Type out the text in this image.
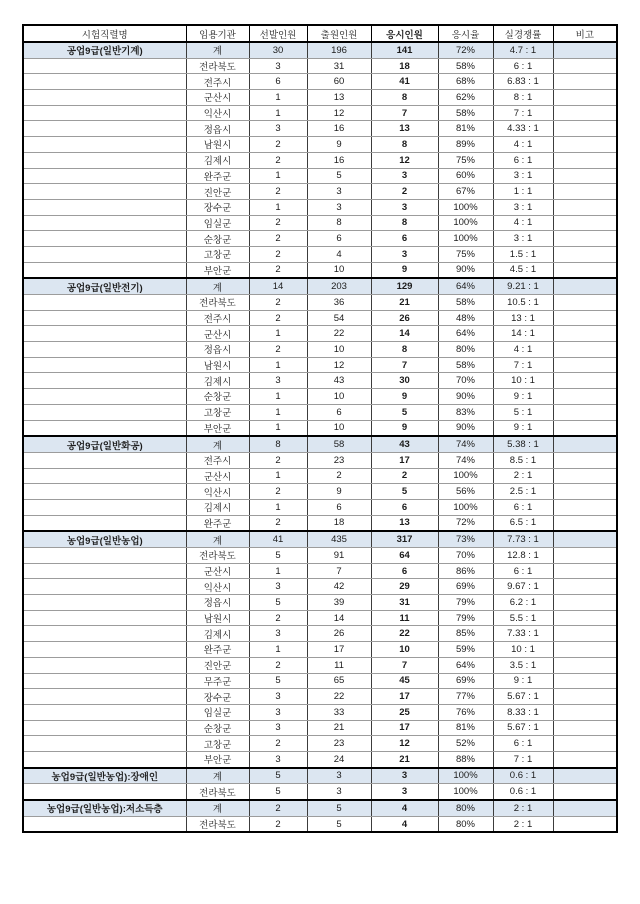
시험직렬명	임용기관	선발인원	출원인원	응시인원	응시율	실경쟁률	비고
공업9급(일반기계)	계	30	196	141	72%	4.7 : 1	
	전라북도	3	31	18	58%	6 : 1	
	전주시	6	60	41	68%	6.83 : 1	
	군산시	1	13	8	62%	8 : 1	
	익산시	1	12	7	58%	7 : 1	
	정읍시	3	16	13	81%	4.33 : 1	
	남원시	2	9	8	89%	4 : 1	
	김제시	2	16	12	75%	6 : 1	
	완주군	1	5	3	60%	3 : 1	
	진안군	2	3	2	67%	1 : 1	
	장수군	1	3	3	100%	3 : 1	
	임실군	2	8	8	100%	4 : 1	
	순창군	2	6	6	100%	3 : 1	
	고창군	2	4	3	75%	1.5 : 1	
	부안군	2	10	9	90%	4.5 : 1	
공업9급(일반전기)	계	14	203	129	64%	9.21 : 1	
	전라북도	2	36	21	58%	10.5 : 1	
	전주시	2	54	26	48%	13 : 1	
	군산시	1	22	14	64%	14 : 1	
	정읍시	2	10	8	80%	4 : 1	
	남원시	1	12	7	58%	7 : 1	
	김제시	3	43	30	70%	10 : 1	
	순창군	1	10	9	90%	9 : 1	
	고창군	1	6	5	83%	5 : 1	
	부안군	1	10	9	90%	9 : 1	
공업9급(일반화공)	계	8	58	43	74%	5.38 : 1	
	전주시	2	23	17	74%	8.5 : 1	
	군산시	1	2	2	100%	2 : 1	
	익산시	2	9	5	56%	2.5 : 1	
	김제시	1	6	6	100%	6 : 1	
	완주군	2	18	13	72%	6.5 : 1	
농업9급(일반농업)	계	41	435	317	73%	7.73 : 1	
	전라북도	5	91	64	70%	12.8 : 1	
	군산시	1	7	6	86%	6 : 1	
	익산시	3	42	29	69%	9.67 : 1	
	정읍시	5	39	31	79%	6.2 : 1	
	남원시	2	14	11	79%	5.5 : 1	
	김제시	3	26	22	85%	7.33 : 1	
	완주군	1	17	10	59%	10 : 1	
	진안군	2	11	7	64%	3.5 : 1	
	무주군	5	65	45	69%	9 : 1	
	장수군	3	22	17	77%	5.67 : 1	
	임실군	3	33	25	76%	8.33 : 1	
	순창군	3	21	17	81%	5.67 : 1	
	고창군	2	23	12	52%	6 : 1	
	부안군	3	24	21	88%	7 : 1	
농업9급(일반농업):장애인	계	5	3	3	100%	0.6 : 1	
	전라북도	5	3	3	100%	0.6 : 1	
농업9급(일반농업):저소득층	계	2	5	4	80%	2 : 1	
	전라북도	2	5	4	80%	2 : 1	
